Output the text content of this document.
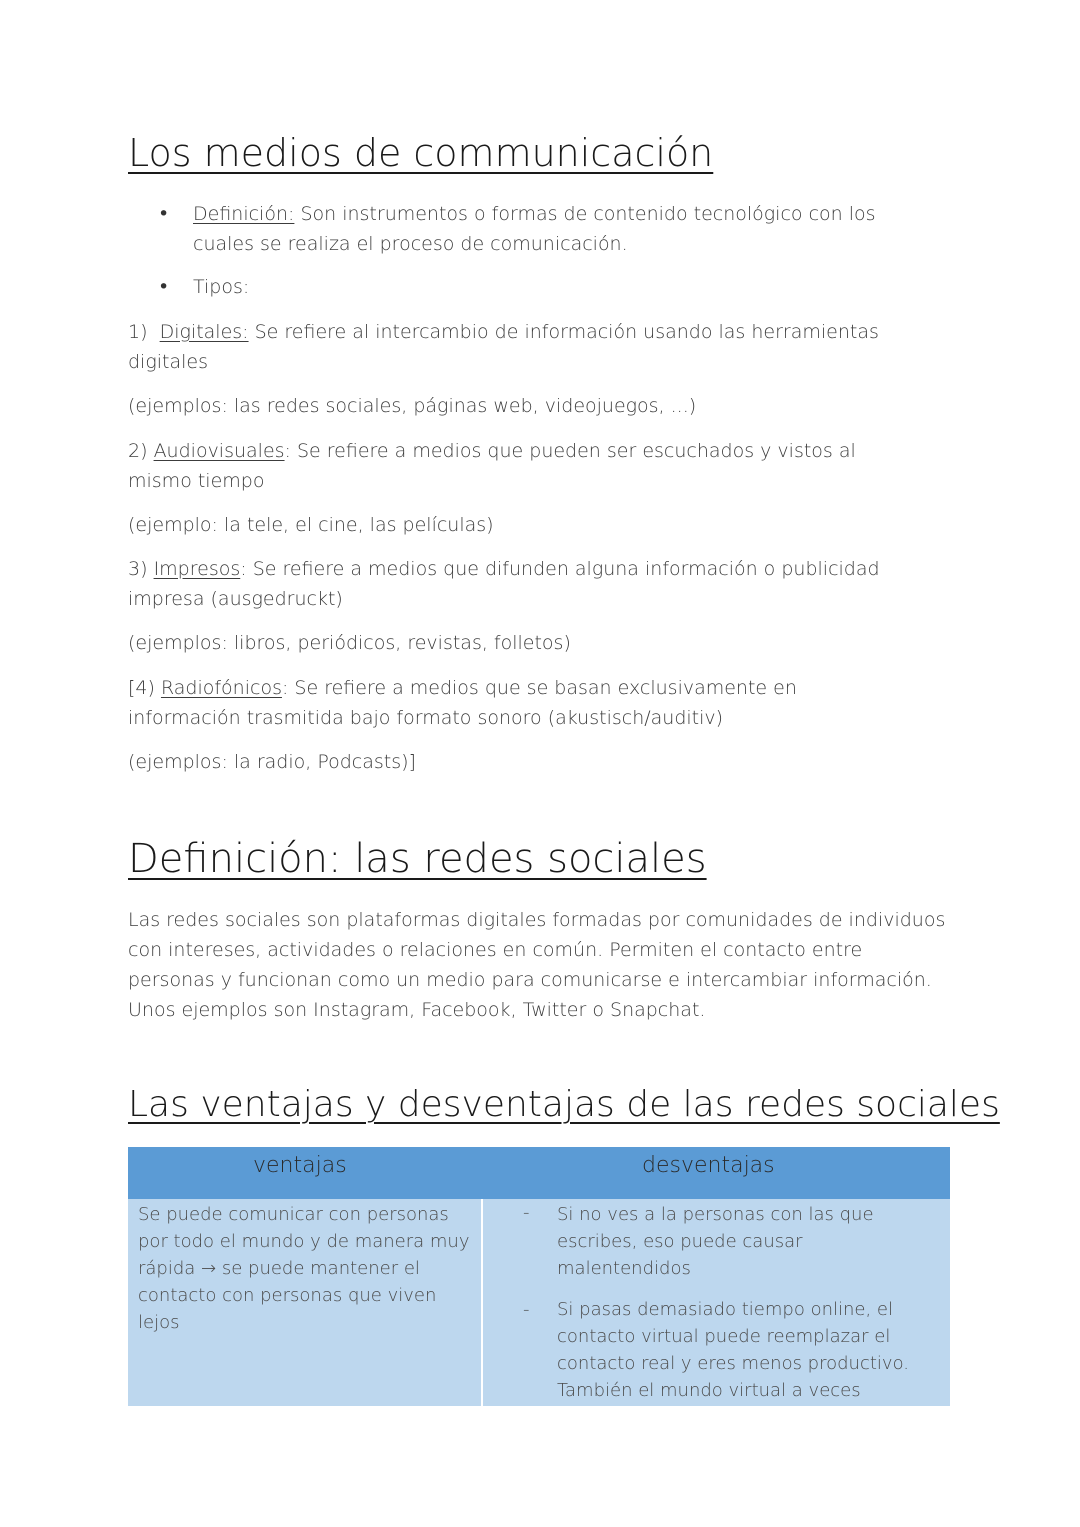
Los medios de communicación
• Definición: Son instrumentos o formas de contenido tecnológico con los cuales se realiza el proceso de comunicación.
• Tipos:
1) Digitales: Se refiere al intercambio de información usando las herramientas digitales
(ejemplos: las redes sociales, páginas web, videojuegos, ...)
2) Audiovisuales: Se refiere a medios que pueden ser escuchados y vistos al mismo tiempo
(ejemplo: la tele, el cine, las películas)
3) Impresos: Se refiere a medios que difunden alguna información o publicidad impresa (ausgedruckt)
(ejemplos: libros, periódicos, revistas, folletos)
[4) Radiofónicos: Se refiere a medios que se basan exclusivamente en información trasmitida bajo formato sonoro (akustisch/auditiv)
(ejemplos: la radio, Podcasts)]
Definición: las redes sociales
Las redes sociales son plataformas digitales formadas por comunidades de individuos con intereses, actividades o relaciones en común. Permiten el contacto entre personas y funcionan como un medio para comunicarse e intercambiar información. Unos ejemplos son Instagram, Facebook, Twitter o Snapchat.
Las ventajas y desventajas de las redes sociales
ventajas	desventajas

Se puede comunicar con personas por todo el mundo y de manera muy rápida → se puede mantener el contacto con personas que viven lejos	- Si no ves a la personas con las que escribes, eso puede causar malentendidos
- Si pasas demasiado tiempo online, el contacto virtual puede reemplazar el contacto real y eres menos productivo. También el mundo virtual a veces
